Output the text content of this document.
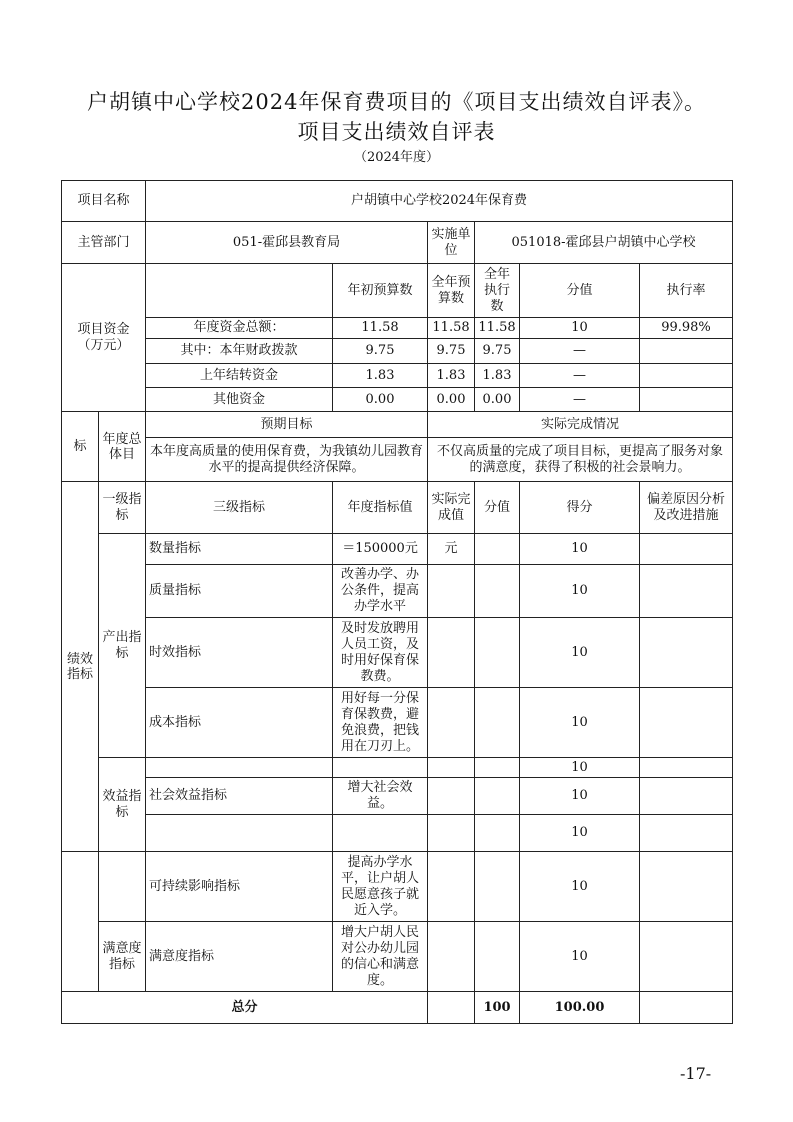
户胡镇中心学校2024年保育费项目的《项目支出绩效自评表》。
项目支出绩效自评表
（2024年度）
项目名称		户胡镇中心学校2024年保育费					
主管部门		051-霍邱县教育局		实施单位	051018-霍邱县户胡镇中心学校		
项目资金（万元）			年初预算数	全年预算数	全年执行数	分值	执行率
		年度资金总额：	11.58	11.58	11.58	10	99.98%
		其中：本年财政拨款	9.75	9.75	9.75	—	
		上年结转资金	1.83	1.83	1.83	—	
		其他资金	0.00	0.00	0.00	—	
标	年度总体目	预期目标		实际完成情况			
		本年度高质量的使用保育费，为我镇幼儿园教育水平的提高提供经济保障。		不仅高质量的完成了项目目标，更提高了服务对象的满意度，获得了积极的社会景响力。			
绩效指标	一级指标	三级指标	年度指标值	实际完成值	分值	得分	偏差原因分析及改进措施
	产出指标	数量指标	＝150000元	元		10	
		质量指标	改善办学、办公条件，提高办学水平			10	
		时效指标	及时发放聘用人员工资，及时用好保育保教费。			10	
		成本指标	用好每一分保育保教费，避免浪费，把钱用在刀刃上。			10	
	效益指标					10	
		社会效益指标	增大社会效益。			10	
						10	
		可持续影响指标	提高办学水平，让户胡人民愿意孩子就近入学。			10	
	满意度指标	满意度指标	增大户胡人民对公办幼儿园的信心和满意度。			10	
总分					100	100.00	
-17-
